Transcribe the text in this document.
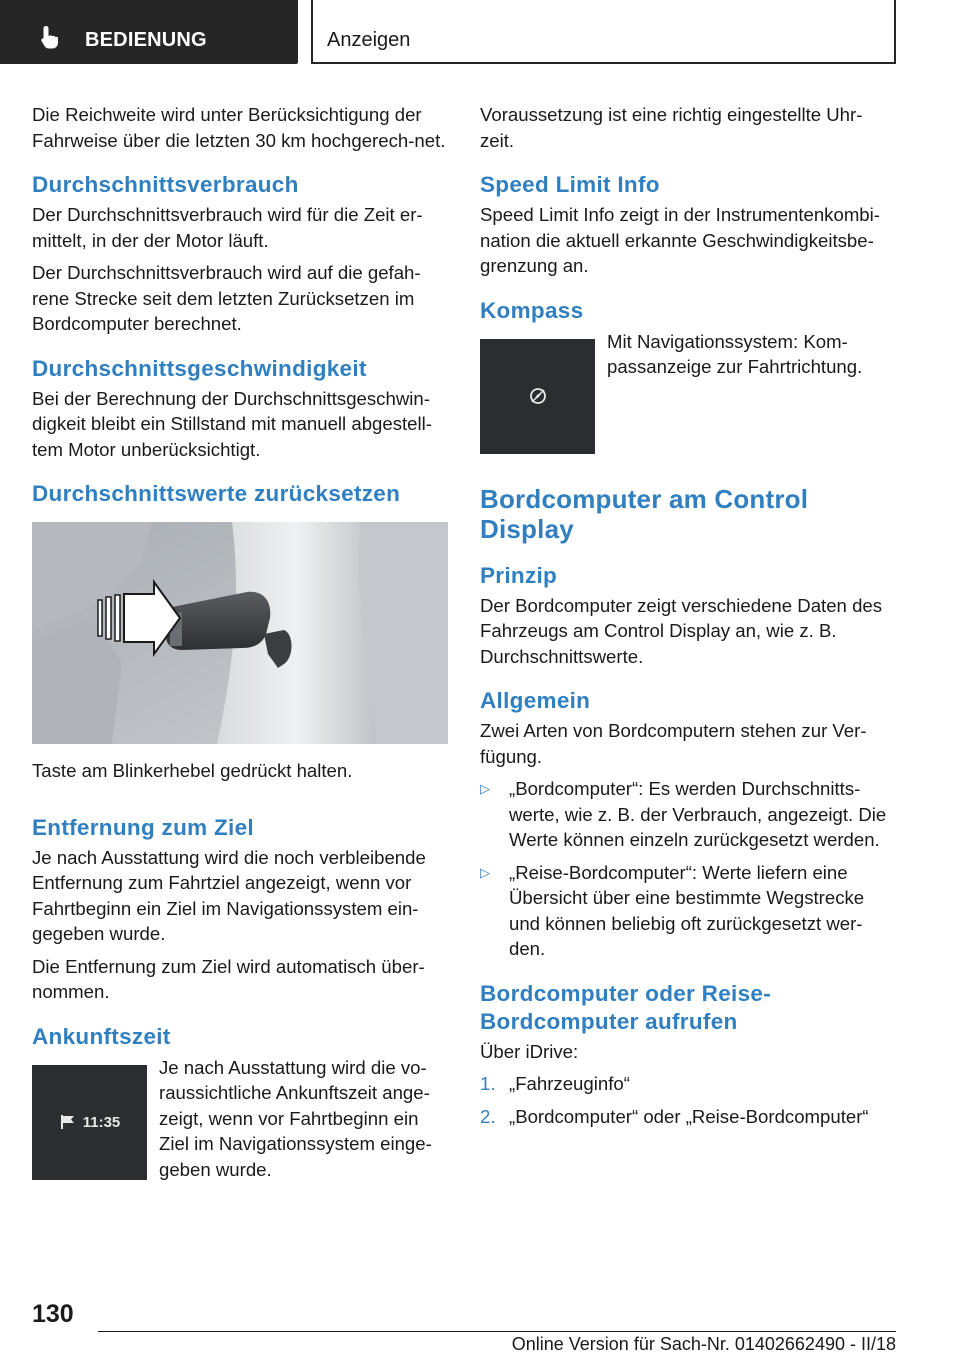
BEDIENUNG	Anzeigen

Die Reichweite wird unter Berücksichtigung der Fahrweise über die letzten 30 km hochgerech-net.

Durchschnittsverbrauch

Der Durchschnittsverbrauch wird für die Zeit er-mittelt, in der der Motor läuft.

Der Durchschnittsverbrauch wird auf die gefah-rene Strecke seit dem letzten Zurücksetzen im Bordcomputer berechnet.

Durchschnittsgeschwindigkeit

Bei der Berechnung der Durchschnittsgeschwin-digkeit bleibt ein Stillstand mit manuell abgestell-tem Motor unberücksichtigt.

Durchschnittswerte zurücksetzen

Taste am Blinkerhebel gedrückt halten.

Entfernung zum Ziel

Je nach Ausstattung wird die noch verbleibende Entfernung zum Fahrtziel angezeigt, wenn vor Fahrtbeginn ein Ziel im Navigationssystem ein-gegeben wurde.

Die Entfernung zum Ziel wird automatisch über-nommen.

Ankunftszeit
11:35

Je nach Ausstattung wird die vo-raussichtliche Ankunftszeit ange-zeigt, wenn vor Fahrtbeginn ein Ziel im Navigationssystem einge-geben wurde.

Voraussetzung ist eine richtig eingestellte Uhr-zeit.

Speed Limit Info

Speed Limit Info zeigt in der Instrumentenkombi-nation die aktuell erkannte Geschwindigkeitsbe-grenzung an.

Kompass

Mit Navigationssystem: Kom-passanzeige zur Fahrtrichtung.

Bordcomputer am Control Display
Prinzip

Der Bordcomputer zeigt verschiedene Daten des Fahrzeugs am Control Display an, wie z. B. Durchschnittswerte.

Allgemein

Zwei Arten von Bordcomputern stehen zur Ver-fügung.

▷ „Bordcomputer“: Es werden Durchschnitts-werte, wie z. B. der Verbrauch, angezeigt. Die Werte können einzeln zurückgesetzt werden.
▷ „Reise-Bordcomputer“: Werte liefern eine Übersicht über eine bestimmte Wegstrecke und können beliebig oft zurückgesetzt wer-den.
Bordcomputer oder Reise-Bordcomputer aufrufen

Über iDrive:

1. „Fahrzeuginfo“
2. „Bordcomputer“ oder „Reise-Bordcomputer“
130
Online Version für Sach-Nr. 01402662490 - II/18
